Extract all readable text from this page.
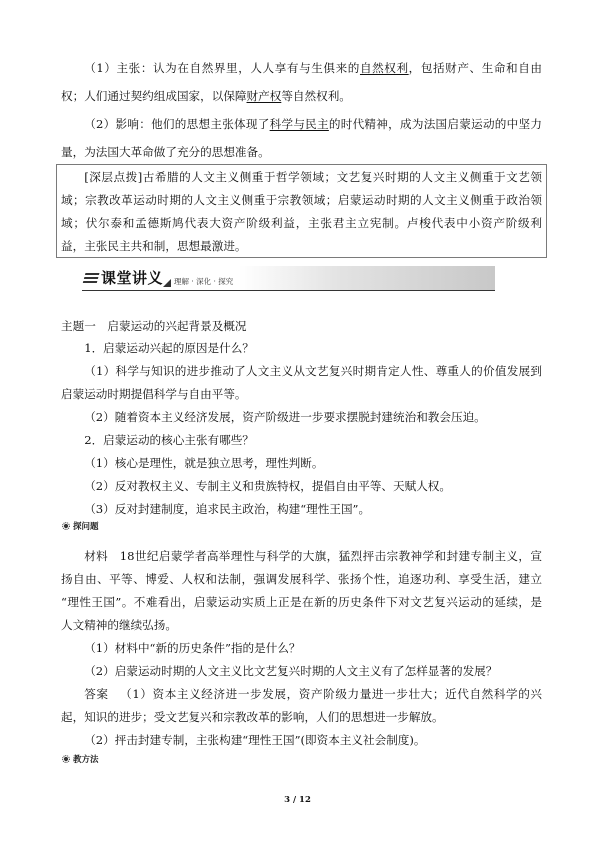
（1）主张：认为在自然界里，人人享有与生俱来的自然权利，包括财产、生命和自由
权；人们通过契约组成国家，以保障财产权等自然权利。
（2）影响：他们的思想主张体现了科学与民主的时代精神，成为法国启蒙运动的中坚力
量，为法国大革命做了充分的思想准备。
[深层点拨]古希腊的人文主义侧重于哲学领域；文艺复兴时期的人文主义侧重于文艺领
域；宗教改革运动时期的人文主义侧重于宗教领域；启蒙运动时期的人文主义侧重于政治领
域；伏尔泰和孟德斯鸠代表大资产阶级利益，主张君主立宪制。卢梭代表中小资产阶级利
益，主张民主共和制，思想最激进。
课堂讲义 理解 · 深化 · 探究
主题一　启蒙运动的兴起背景及概况
1．启蒙运动兴起的原因是什么？
（1）科学与知识的进步推动了人文主义从文艺复兴时期肯定人性、尊重人的价值发展到
启蒙运动时期提倡科学与自由平等。
（2）随着资本主义经济发展，资产阶级进一步要求摆脱封建统治和教会压迫。
2．启蒙运动的核心主张有哪些？
（1）核心是理性，就是独立思考，理性判断。
（2）反对教权主义、专制主义和贵族特权，提倡自由平等、天赋人权。
（3）反对封建制度，追求民主政治，构建“理性王国”。
探问题
材料 18世纪启蒙学者高举理性与科学的大旗，猛烈抨击宗教神学和封建专制主义，宣
扬自由、平等、博爱、人权和法制，强调发展科学、张扬个性，追逐功利、享受生活，建立
“理性王国”。不难看出，启蒙运动实质上正是在新的历史条件下对文艺复兴运动的延续，是
人文精神的继续弘扬。
（1）材料中“新的历史条件”指的是什么？
（2）启蒙运动时期的人文主义比文艺复兴时期的人文主义有了怎样显著的发展？
答案 （1）资本主义经济进一步发展，资产阶级力量进一步壮大；近代自然科学的兴
起，知识的进步；受文艺复兴和宗教改革的影响，人们的思想进一步解放。
（2）抨击封建专制，主张构建“理性王国”(即资本主义社会制度)。
教方法
3 / 12
